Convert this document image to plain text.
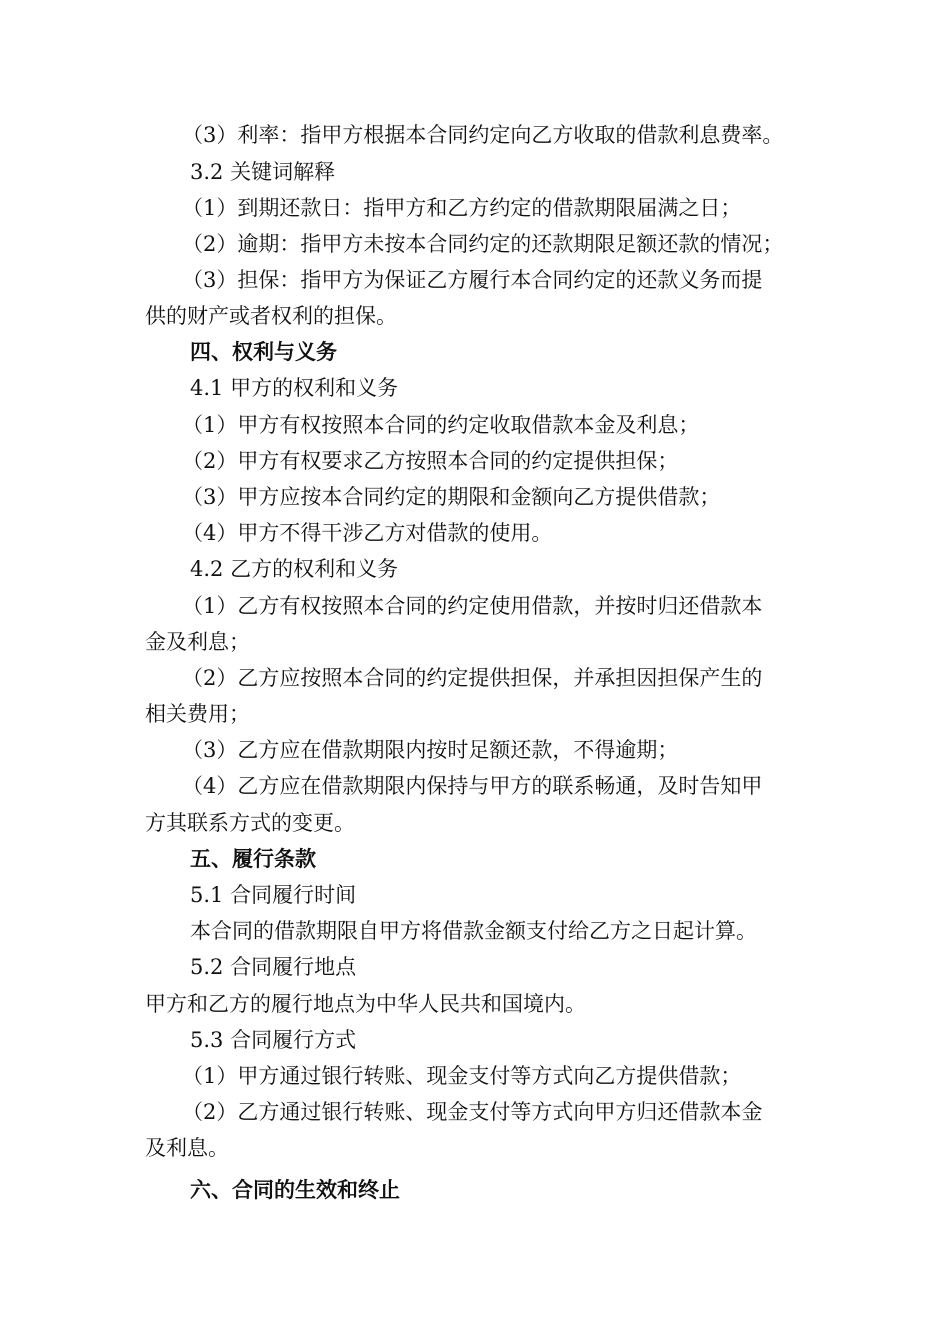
（3）利率：指甲方根据本合同约定向乙方收取的借款利息费率。
3.2 关键词解释
（1）到期还款日：指甲方和乙方约定的借款期限届满之日；
（2）逾期：指甲方未按本合同约定的还款期限足额还款的情况；
（3）担保：指甲方为保证乙方履行本合同约定的还款义务而提
供的财产或者权利的担保。
四、权利与义务
4.1 甲方的权利和义务
（1）甲方有权按照本合同的约定收取借款本金及利息；
（2）甲方有权要求乙方按照本合同的约定提供担保；
（3）甲方应按本合同约定的期限和金额向乙方提供借款；
（4）甲方不得干涉乙方对借款的使用。
4.2 乙方的权利和义务
（1）乙方有权按照本合同的约定使用借款，并按时归还借款本
金及利息；
（2）乙方应按照本合同的约定提供担保，并承担因担保产生的
相关费用；
（3）乙方应在借款期限内按时足额还款，不得逾期；
（4）乙方应在借款期限内保持与甲方的联系畅通，及时告知甲
方其联系方式的变更。
五、履行条款
5.1 合同履行时间
本合同的借款期限自甲方将借款金额支付给乙方之日起计算。
5.2 合同履行地点
甲方和乙方的履行地点为中华人民共和国境内。
5.3 合同履行方式
（1）甲方通过银行转账、现金支付等方式向乙方提供借款；
（2）乙方通过银行转账、现金支付等方式向甲方归还借款本金
及利息。
六、合同的生效和终止
